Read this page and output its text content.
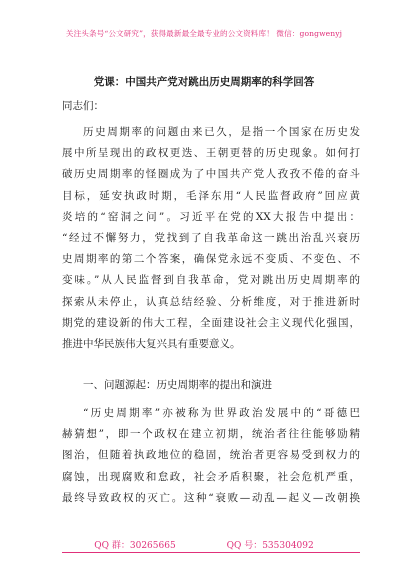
关注头条号“公文研究”，获得最新最全最专业的公文资料库！ 微信：gongwenyj
党课：中国共产党对跳出历史周期率的科学回答
同志们：
历史周期率的问题由来已久，是指一个国家在历史发
展中所呈现出的政权更迭、王朝更替的历史现象。如何打
破历史周期率的怪圈成为了中国共产党人孜孜不倦的奋斗
目标，延安执政时期，毛泽东用“人民监督政府”回应黄
炎培的“窑洞之问”。习近平在党的XX大报告中提出：
“经过不懈努力，党找到了自我革命这一跳出治乱兴衰历
史周期率的第二个答案，确保党永远不变质、不变色、不
变味。”从人民监督到自我革命，党对跳出历史周期率的
探索从未停止，认真总结经验、分析维度，对于推进新时
期党的建设新的伟大工程，全面建设社会主义现代化强国，
推进中华民族伟大复兴具有重要意义。
一、问题源起：历史周期率的提出和演进
“历史周期率”亦被称为世界政治发展中的“哥德巴
赫猜想”，即一个政权在建立初期，统治者往往能够励精
图治，但随着执政地位的稳固，统治者更容易受到权力的
腐蚀，出现腐败和怠政，社会矛盾积聚，社会危机严重，
最终导致政权的灭亡。这种“衰败—动乱—起义—改朝换
QQ 群：30265665	QQ 号：535304092
